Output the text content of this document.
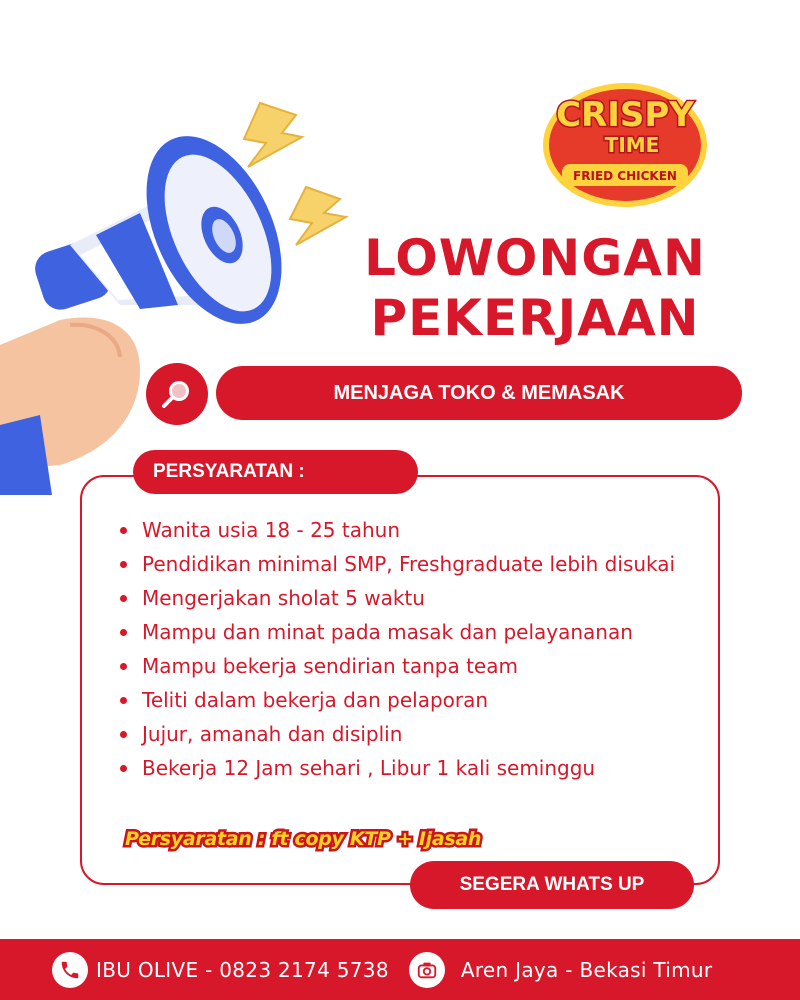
CRISPY
TIME
FRIED CHICKEN
LOWONGAN
PEKERJAAN
MENJAGA TOKO & MEMASAK
PERSYARATAN :
Wanita usia 18 - 25 tahun
Pendidikan minimal SMP, Freshgraduate lebih disukai
Mengerjakan sholat 5 waktu
Mampu dan minat pada masak dan pelayananan
Mampu bekerja sendirian tanpa team
Teliti dalam bekerja dan pelaporan
Jujur, amanah dan disiplin
Bekerja 12 Jam sehari , Libur 1 kali seminggu
Persyaratan : ft copy KTP + Ijasah
SEGERA WHATS UP
IBU OLIVE - 0823 2174 5738	Aren Jaya - Bekasi Timur
